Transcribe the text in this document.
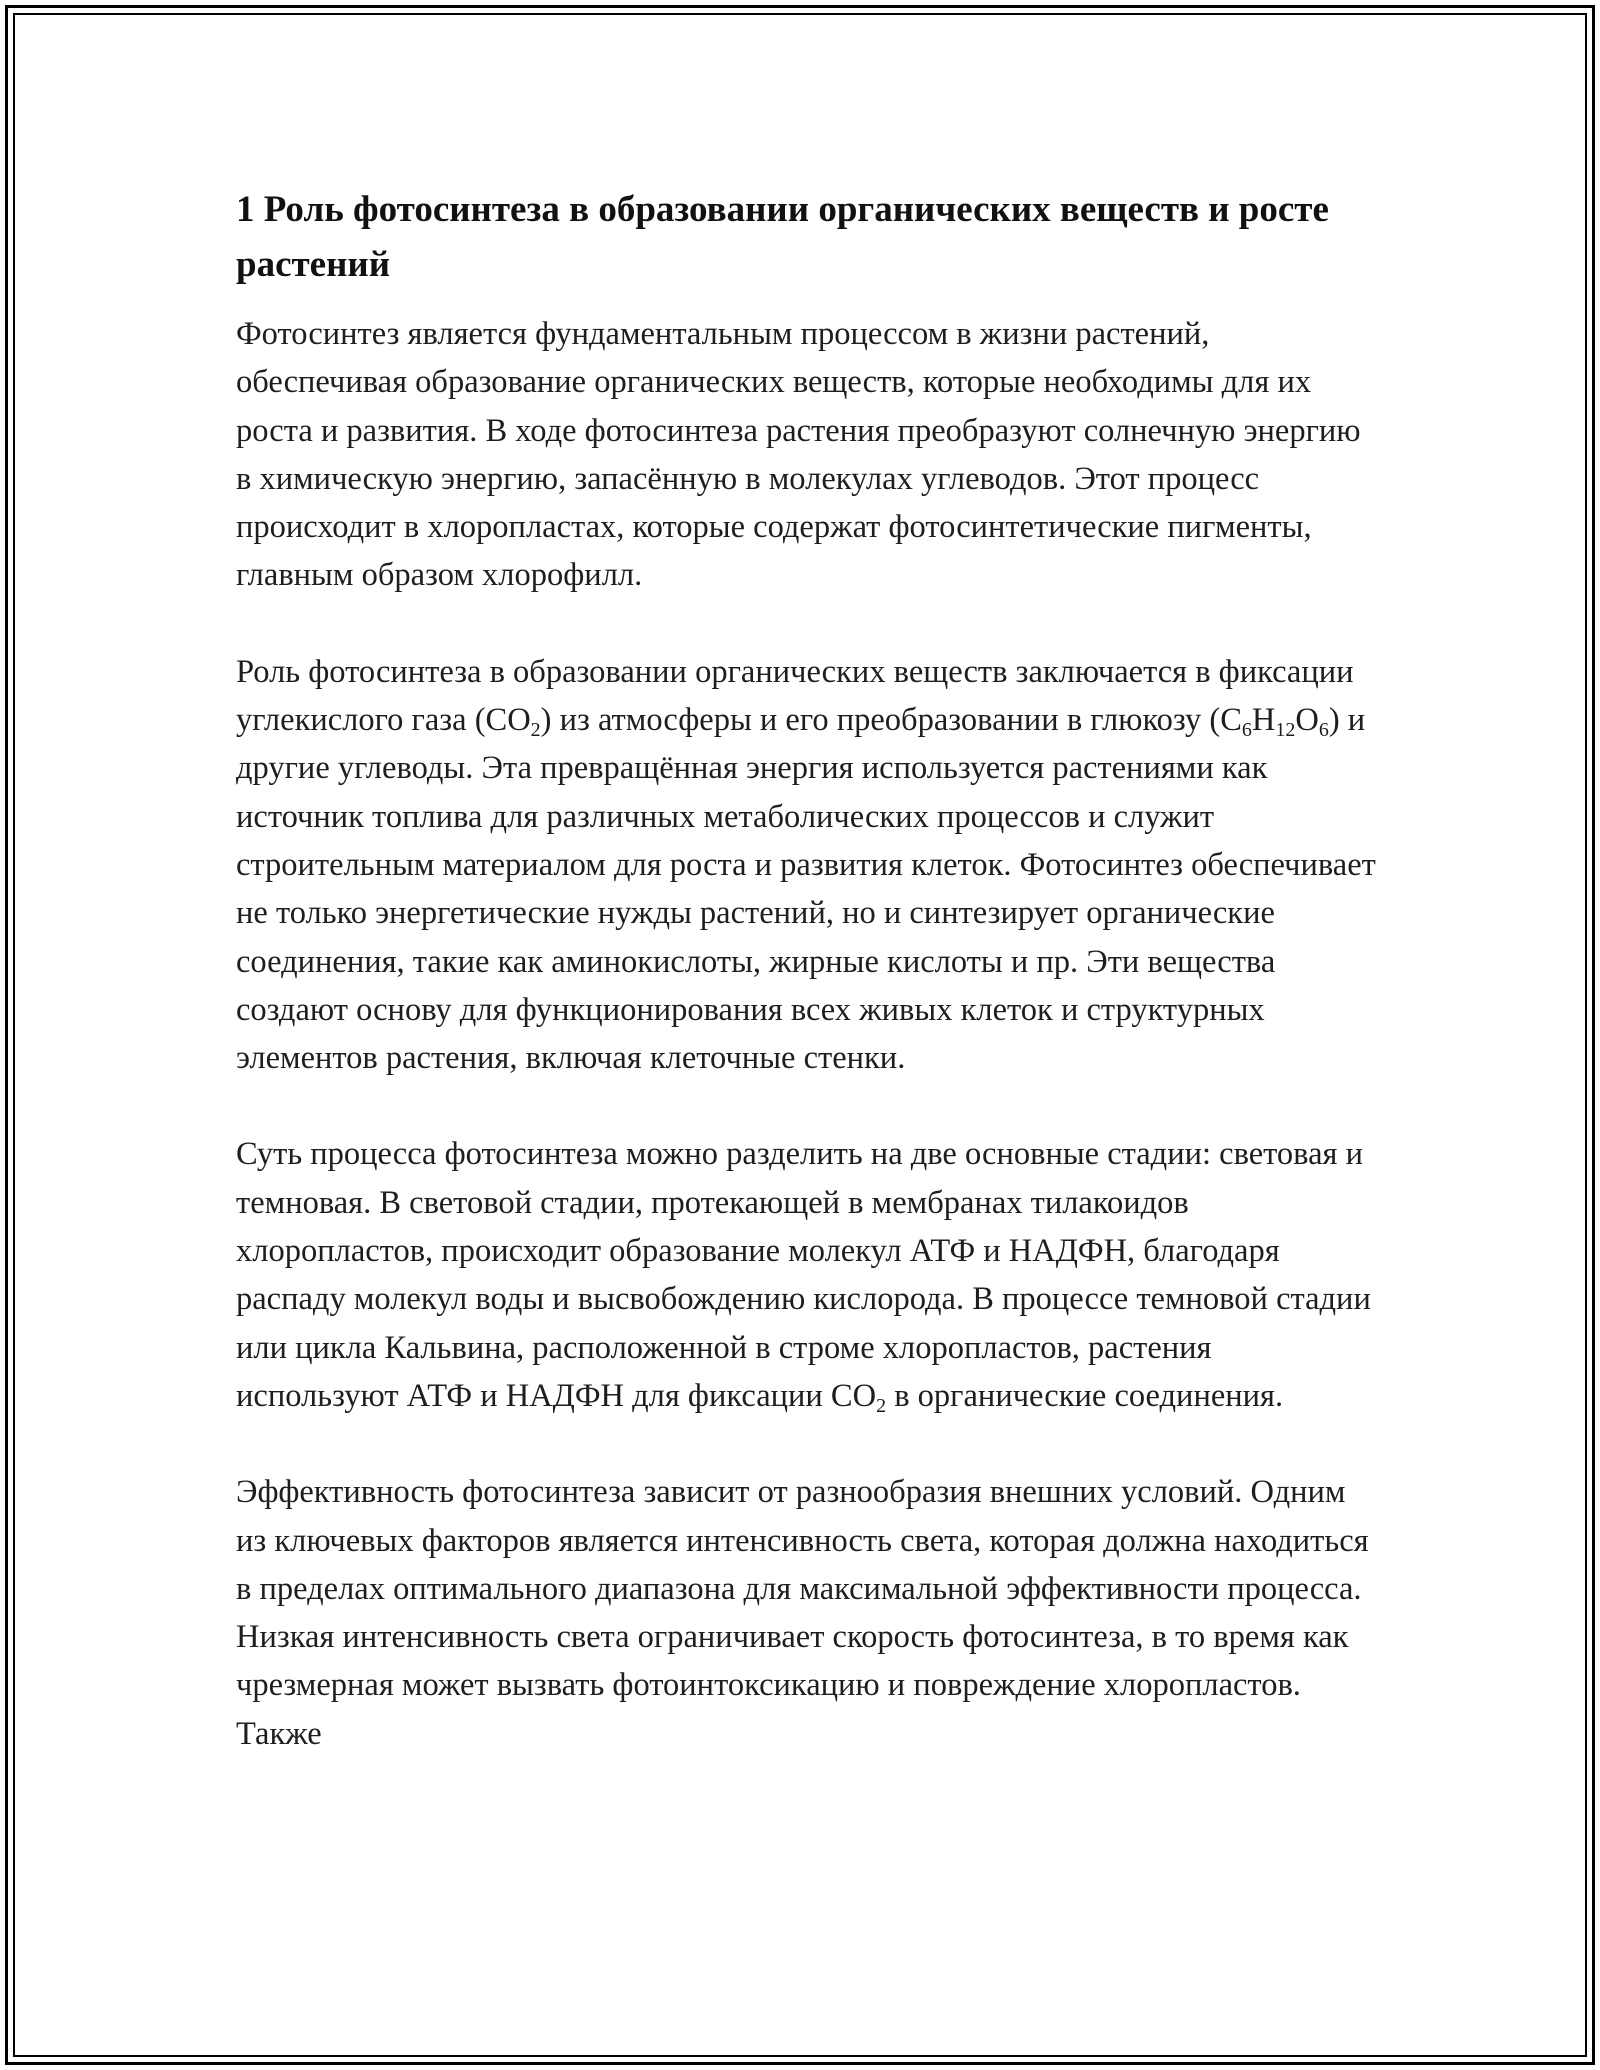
1 Роль фотосинтеза в образовании органических веществ и росте растений

Фотосинтез является фундаментальным процессом в жизни растений, обеспечивая образование органических веществ, которые необходимы для их роста и развития. В ходе фотосинтеза растения преобразуют солнечную энергию в химическую энергию, запасённую в молекулах углеводов. Этот процесс происходит в хлоропластах, которые содержат фотосинтетические пигменты, главным образом хлорофилл.

Роль фотосинтеза в образовании органических веществ заключается в фиксации углекислого газа $(CO_2)$ из атмосферы и его преобразовании в глюкозу $(C_6H_{12}O_6)$ и другие углеводы. Эта превращённая энергия используется растениями как источник топлива для различных метаболических процессов и служит строительным материалом для роста и развития клеток. Фотосинтез обеспечивает не только энергетические нужды растений, но и синтезирует органические соединения, такие как аминокислоты, жирные кислоты и пр. Эти вещества создают основу для функционирования всех живых клеток и структурных элементов растения, включая клеточные стенки.

Суть процесса фотосинтеза можно разделить на две основные стадии: световая и темновая. В световой стадии, протекающей в мембранах тилакоидов хлоропластов, происходит образование молекул АТФ и НАДФН, благодаря распаду молекул воды и высвобождению кислорода. В процессе темновой стадии или цикла Кальвина, расположенной в строме хлоропластов, растения используют АТФ и НАДФН для фиксации $CO_2$ в органические соединения.

Эффективность фотосинтеза зависит от разнообразия внешних условий. Одним из ключевых факторов является интенсивность света, которая должна находиться в пределах оптимального диапазона для максимальной эффективности процесса. Низкая интенсивность света ограничивает скорость фотосинтеза, в то время как чрезмерная может вызвать фотоинтоксикацию и повреждение хлоропластов. Также
